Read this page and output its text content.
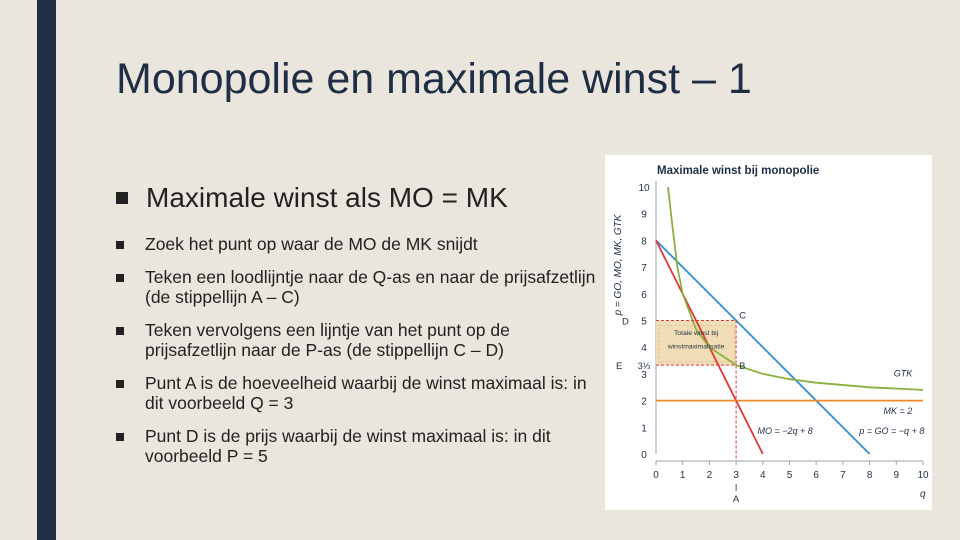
Monopolie en maximale winst – 1
Maximale winst als MO = MK
Zoek het punt op waar de MO de MK snijdt
Teken een loodlijntje naar de Q-as en naar de prijsafzetlijn (de stippellijn A – C)
Teken vervolgens een lijntje van het punt op de prijsafzetlijn naar de P-as (de stippellijn C – D)
Punt A is de hoeveelheid waarbij de winst maximaal is: in dit voorbeeld Q = 3
Punt D is de prijs waarbij de winst maximaal is: in dit voorbeeld P = 5
Maximale winst bij monopolie
p = GO, MO, MK, GTK
q
0
1
2
3
4
6
7
8
9
10
0 1 2 3 4 5 6 7 8 9 10
Totale winst bij
winstmaximalisatie
C
B
D 5
E 3⅓
A
GTK
MK = 2
MO = −2q + 8	p = GO = −q + 8
